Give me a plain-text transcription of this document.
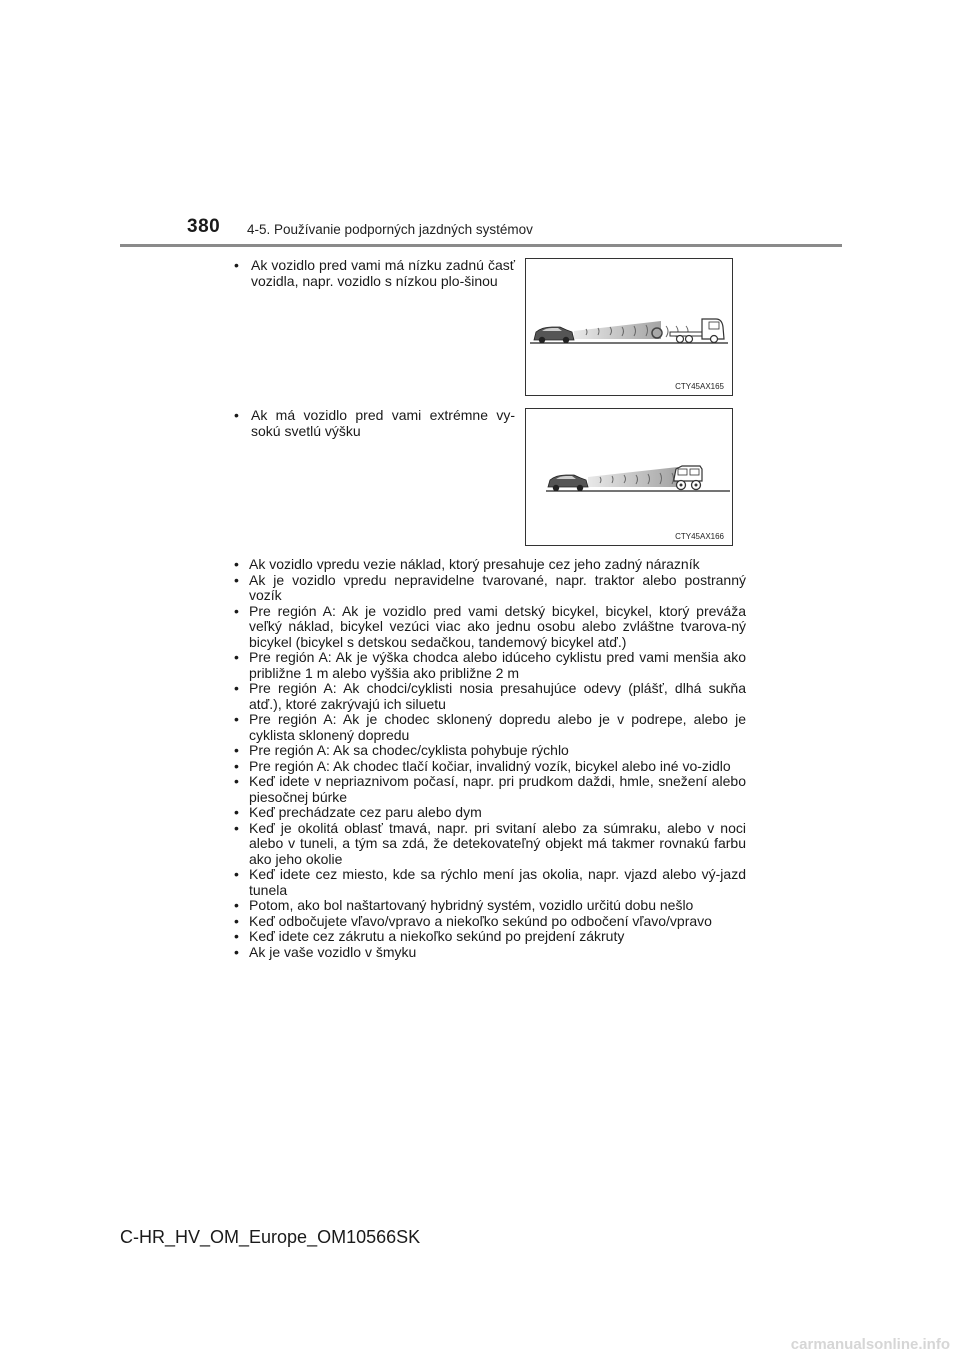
380 4-5. Používanie podporných jazdných systémov
• Ak vozidlo pred vami má nízku zadnú časť vozidla, napr. vozidlo s nízkou plo-šinou
CTY45AX165
• Ak má vozidlo pred vami extrémne vy-sokú svetlú výšku
CTY45AX166
• Ak vozidlo vpredu vezie náklad, ktorý presahuje cez jeho zadný nárazník
• Ak je vozidlo vpredu nepravidelne tvarované, napr. traktor alebo postranný vozík
• Pre región A: Ak je vozidlo pred vami detský bicykel, bicykel, ktorý preváža veľký náklad, bicykel vezúci viac ako jednu osobu alebo zvláštne tvarova-ný bicykel (bicykel s detskou sedačkou, tandemový bicykel atď.)
• Pre región A: Ak je výška chodca alebo idúceho cyklistu pred vami menšia ako približne 1 m alebo vyššia ako približne 2 m
• Pre región A: Ak chodci/cyklisti nosia presahujúce odevy (plášť, dlhá sukňa atď.), ktoré zakrývajú ich siluetu
• Pre región A: Ak je chodec sklonený dopredu alebo je v podrepe, alebo je cyklista sklonený dopredu
• Pre región A: Ak sa chodec/cyklista pohybuje rýchlo
• Pre región A: Ak chodec tlačí kočiar, invalidný vozík, bicykel alebo iné vo-zidlo
• Keď idete v nepriaznivom počasí, napr. pri prudkom daždi, hmle, snežení alebo piesočnej búrke
• Keď prechádzate cez paru alebo dym
• Keď je okolitá oblasť tmavá, napr. pri svitaní alebo za súmraku, alebo v noci alebo v tuneli, a tým sa zdá, že detekovateľný objekt má takmer rovnakú farbu ako jeho okolie
• Keď idete cez miesto, kde sa rýchlo mení jas okolia, napr. vjazd alebo vý-jazd tunela
• Potom, ako bol naštartovaný hybridný systém, vozidlo určitú dobu nešlo
• Keď odbočujete vľavo/vpravo a niekoľko sekúnd po odbočení vľavo/vpravo
• Keď idete cez zákrutu a niekoľko sekúnd po prejdení zákruty
• Ak je vaše vozidlo v šmyku
C-HR_HV_OM_Europe_OM10566SK
carmanualsonline.info
